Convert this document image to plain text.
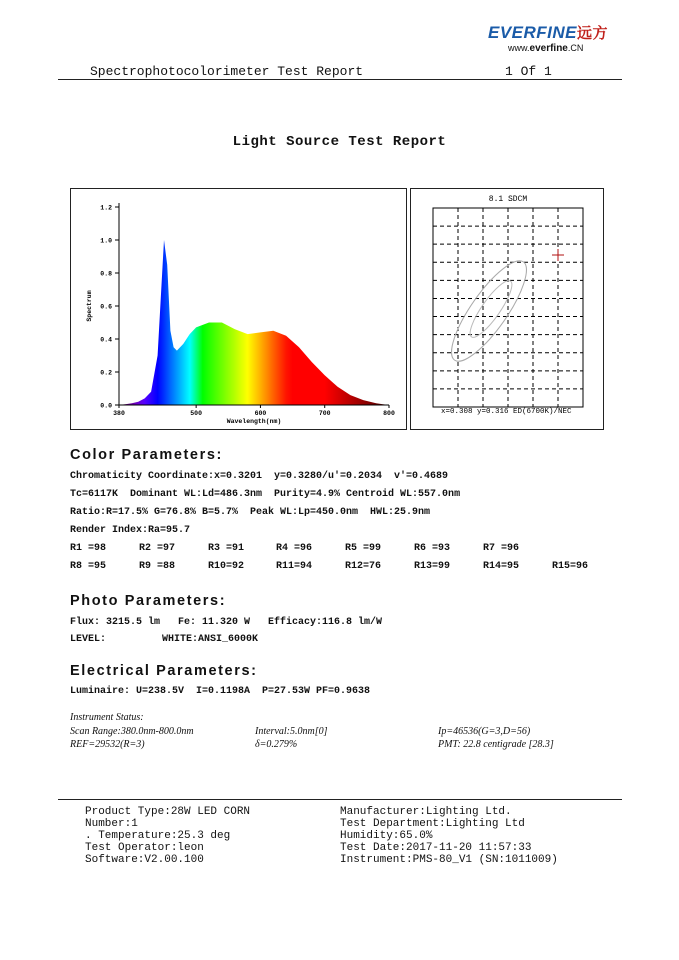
EVERFINE远方
www.everfine.CN
Spectrophotocolorimeter Test Report	1 Of 1
Light Source Test Report
0.0
0.2
0.4
0.6
0.8
1.0
1.2
380	500	600	700	800
Wavelength(nm)
Spectrum
8.1 SDCM
x=0.308 y=0.316 ED(6700K)/NEC
Color Parameters:
Chromaticity Coordinate:x=0.3201  y=0.3280/u'=0.2034  v'=0.4689
Tc=6117K  Dominant WL:Ld=486.3nm  Purity=4.9% Centroid WL:557.0nm
Ratio:R=17.5% G=76.8% B=5.7%  Peak WL:Lp=450.0nm  HWL:25.9nm
Render Index:Ra=95.7
R1 =98	R2 =97	R3 =91	R4 =96	R5 =99	R6 =93	R7 =96
R8 =95	R9 =88	R10=92	R11=94	R12=76	R13=99	R14=95	R15=96
Photo Parameters:
Flux: 3215.5 lm   Fe: 11.320 W   Efficacy:116.8 lm/W
LEVEL:	WHITE:ANSI_6000K
Electrical Parameters:
Luminaire: U=238.5V  I=0.1198A  P=27.53W PF=0.9638
Instrument Status:
Scan Range:380.0nm-800.0nm	Interval:5.0nm[0]	Ip=46536(G=3,D=56)
REF=29532(R=3)	δ=0.279%	PMT: 22.8 centigrade [28.3]
Product Type:28W LED CORN
Number:1
. Temperature:25.3 deg
Test Operator:leon
Software:V2.00.100
Manufacturer:Lighting Ltd.
Test Department:Lighting Ltd
Humidity:65.0%
Test Date:2017-11-20 11:57:33
Instrument:PMS-80_V1 (SN:1011009)
